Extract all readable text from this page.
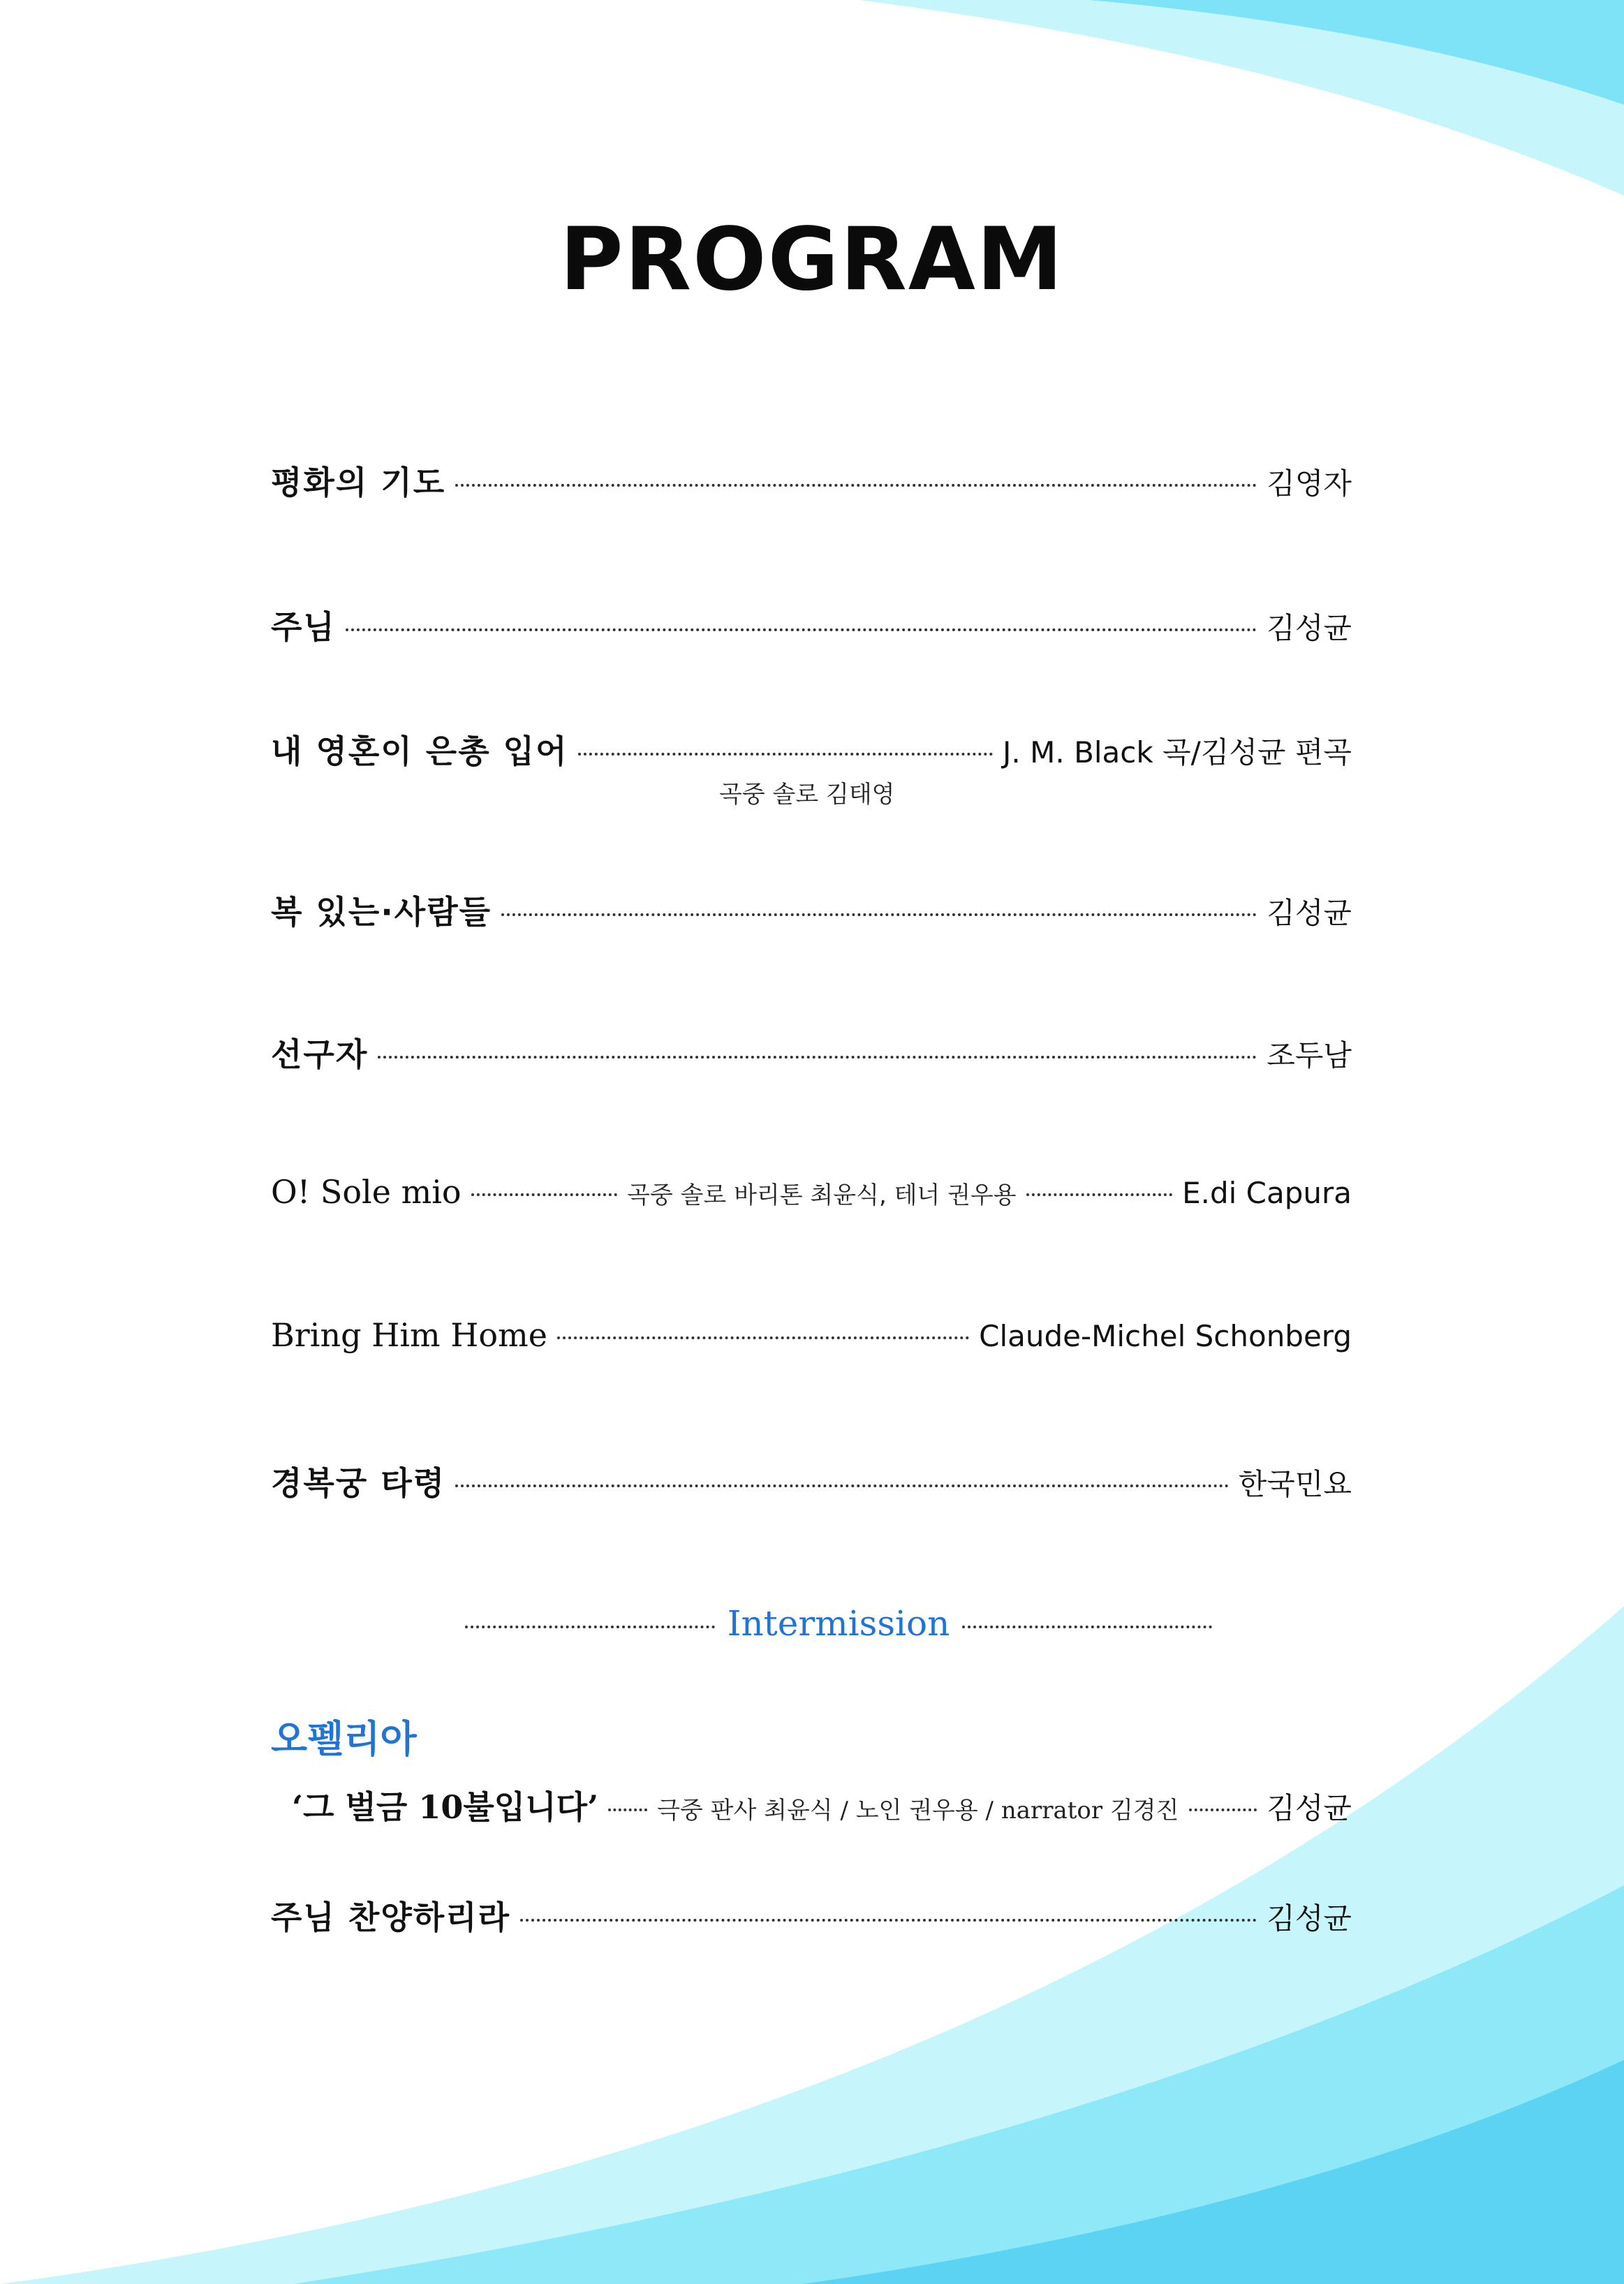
PROGRAM
평화의 기도	김영자
주님	김성균
내 영혼이 은총 입어	J. M. Black 곡/김성균 편곡
곡중 솔로 김태영
복 있는·사람들	김성균
선구자	조두남
O! Sole mio	곡중 솔로 바리톤 최윤식, 테너 권우용	E.di Capura
Bring Him Home	Claude-Michel Schonberg
경복궁 타령	한국민요
Intermission
오펠리아
‘그 벌금 10불입니다’ 극중 판사 최윤식 / 노인 권우용 / narrator 김경진	김성균
주님 찬양하리라	김성균
